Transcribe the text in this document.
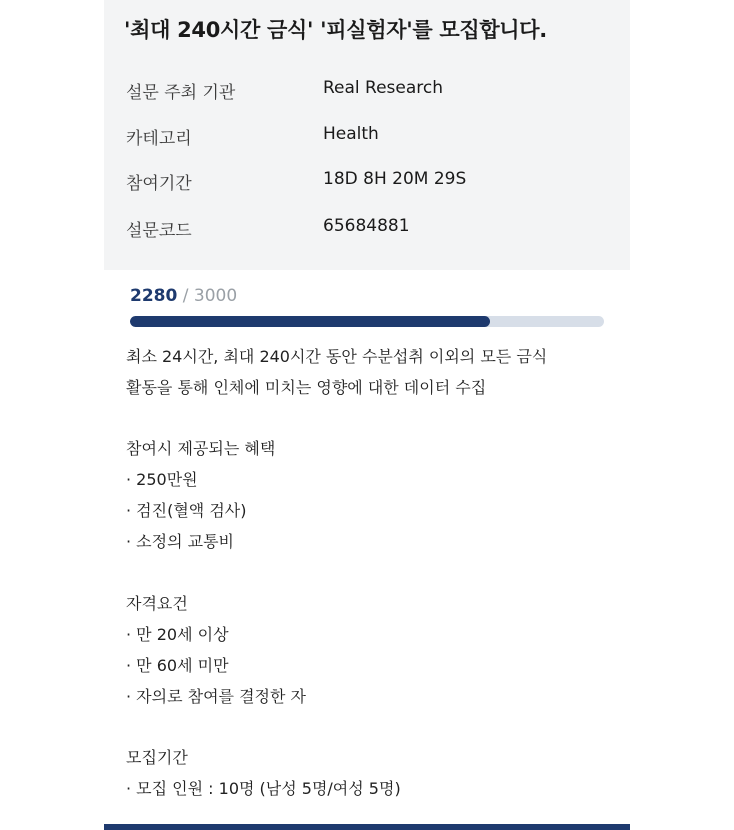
'최대 240시간 금식' '피실험자'를 모집합니다.
설문 주최 기관	Real Research
카테고리	Health
참여기간	18D 8H 20M 29S
설문코드	65684881
2280 / 3000
최소 24시간, 최대 240시간 동안 수분섭취 이외의 모든 금식
활동을 통해 인체에 미치는 영향에 대한 데이터 수집
참여시 제공되는 혜택
· 250만원
· 검진(혈액 검사)
· 소정의 교통비
자격요건
· 만 20세 이상
· 만 60세 미만
· 자의로 참여를 결정한 자
모집기간
· 모집 인원 : 10명 (남성 5명/여성 5명)
